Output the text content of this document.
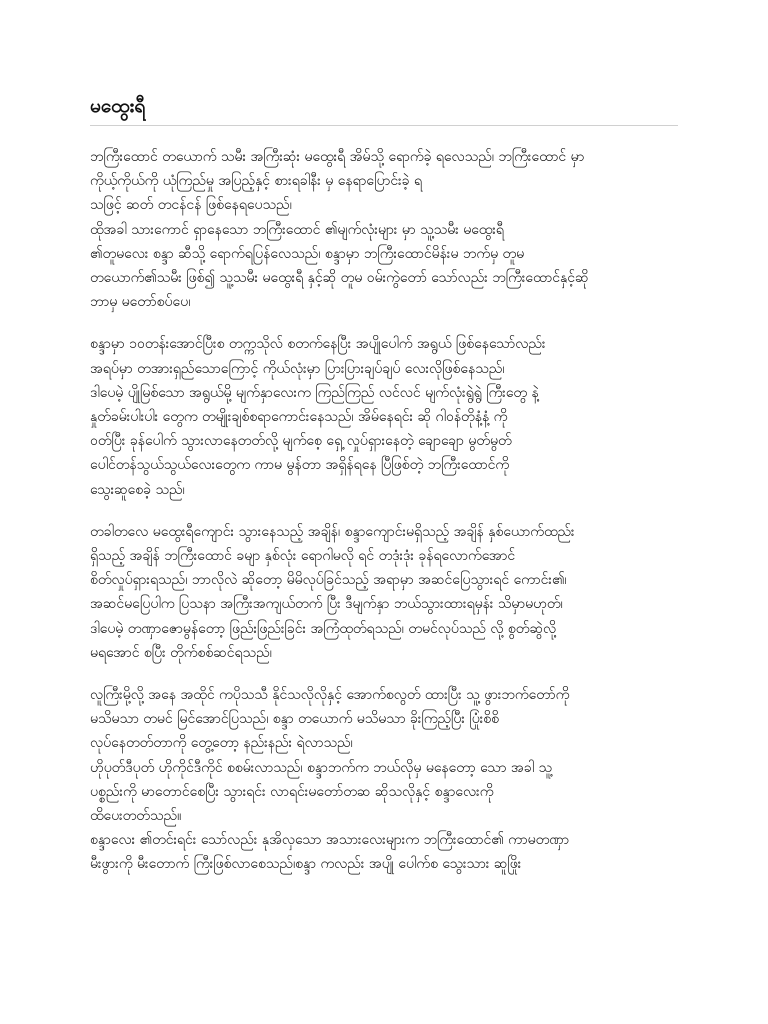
မထွေးရီ
ဘကြီးထောင် တယောက် သမီး အကြီးဆုံး မထွေးရီ အိမ်သို့ ရောက်ခဲ့ ရလေသည်၊ ဘကြီးထောင် မှာ
ကိုယ့်ကိုယ်ကို ယုံကြည်မှု အပြည့်နှင့် စားရခါနီး မှ နေရာပြောင်းခဲ့ ရ
သဖြင့် ဆတ် တငန်ငန် ဖြစ်နေရပေသည်၊
ထိုအခါ သားကောင် ရှာနေသော ဘကြီးထောင် ၏မျက်လုံးများ မှာ သူ့သမီး မထွေးရီ
၏တူမလေး စန္ဒာ ဆီသို့ ရောက်ရပြန်လေသည်၊ စန္ဒာမှာ ဘကြီးထောင်မိန်းမ ဘက်မှ တူမ
တယောက်၏သမီး ဖြစ်၍ သူ့သမီး မထွေးရီ နှင့်ဆို တူမ ဝမ်းကွဲတော် သော်လည်း ဘကြီးထောင်နှင့်ဆို
ဘာမှ မတော်စပ်ပေ၊
စန္ဒာမှာ ၁၀တန်းအောင်ပြီးစ တက္ကသိုလ် စတက်နေပြီး အပျိုပေါက် အရွယ် ဖြစ်နေသော်လည်း
အရပ်မှာ တအားရှည်သောကြောင့် ကိုယ်လုံးမှာ ပြားပြားချပ်ချပ် လေးလိုဖြစ်နေသည်၊
ဒါပေမဲ့ ပျိုမြစ်သော အရွယ်မို့ မျက်နှာလေးက ကြည်ကြည် လင်လင် မျက်လုံးရွဲရွဲ ကြီးတွေ နဲ့
နှုတ်ခမ်းပါးပါး တွေက တမျိုးချစ်စရာကောင်းနေသည်၊ အိမ်နေရင်း ဆို ဂါဝန်တိုနံ့နံ့ ကို
ဝတ်ပြီး ခုန်ပေါက် သွားလာနေတတ်လို့ မျက်စေ့ ရှေ့ လှုပ်ရှားနေတဲ့ ချောချော မွတ်မွတ်
ပေါင်တန်သွယ်သွယ်လေးတွေက ကာမ မွန်တာ အရှိန်ရနေ ပြီဖြစ်တဲ့ ဘကြီးထောင်ကို
သွေးဆူစေခဲ့ သည်၊
တခါတလေ မထွေးရီကျောင်း သွားနေသည့် အချိန်၊ စန္ဒာကျောင်းမရှိသည့် အချိန် နှစ်ယောက်ထည်း
ရှိသည့် အချိန် ဘကြီးထောင် ခမျာ နှစ်လုံး ရောဂါမလို ရင် တဒုံးဒုံး ခုန်ရလောက်အောင်
စိတ်လှုပ်ရှားရသည်၊ ဘာလိုလဲ ဆိုတော့ မိမိလုပ်ခြင်သည့် အရာမှာ အဆင်ပြေသွားရင် ကောင်း၏၊
အဆင်မပြေပါက ပြသနာ အကြီးအကျယ်တက် ပြီး ဒီမျက်နှာ ဘယ်သွားထားရမှန်း သိမှာမဟုတ်၊
ဒါပေမဲ့ တဏှာဇောမွန်တော့ ဖြည်းဖြည်းခြင်း အကြံထုတ်ရသည်၊ တမင်လုပ်သည် လို့ စွတ်ဆွဲလို့
မရအောင် စပြီး တိုက်စစ်ဆင်ရသည်၊
လူကြီးမို့လို့ အနေ အထိုင် ကပိုသသီ နိုင်သလိုလိုနှင့် အောက်စလွတ် ထားပြီး သူ့ ဖွားဘက်တော်ကို
မသိမသာ တမင် မြင်အောင်ပြသည်၊ စန္ဒာ တယောက် မသိမသာ ခိုးကြည့်ပြီး ပြုံးစိစိ
လုပ်နေတတ်တာကို တွေ့တော့ နည်းနည်း ရဲလာသည်၊
ဟိုပုတ်ဒီပုတ် ဟိုကိုင်ဒီကိုင် စစမ်းလာသည်၊ စန္ဒာဘက်က ဘယ်လိုမှ မနေတော့ သော အခါ သူ့
ပစ္စည်းကို မာတောင်စေပြီး သွားရင်း လာရင်းမတော်တဆ ဆိုသလိုနှင့် စန္ဒာလေးကို
ထိပေးတတ်သည်။
စန္ဒာလေး ၏တင်းရင်း သော်လည်း နုအိလှသော အသားလေးများက ဘကြီးထောင်၏ ကာမတဏှာ
မီးဖွားကို မီးတောက် ကြီးဖြစ်လာစေသည်၊စန္ဒာ ကလည်း အပျို ပေါက်စ သွေးသား ဆူဖြိုး
